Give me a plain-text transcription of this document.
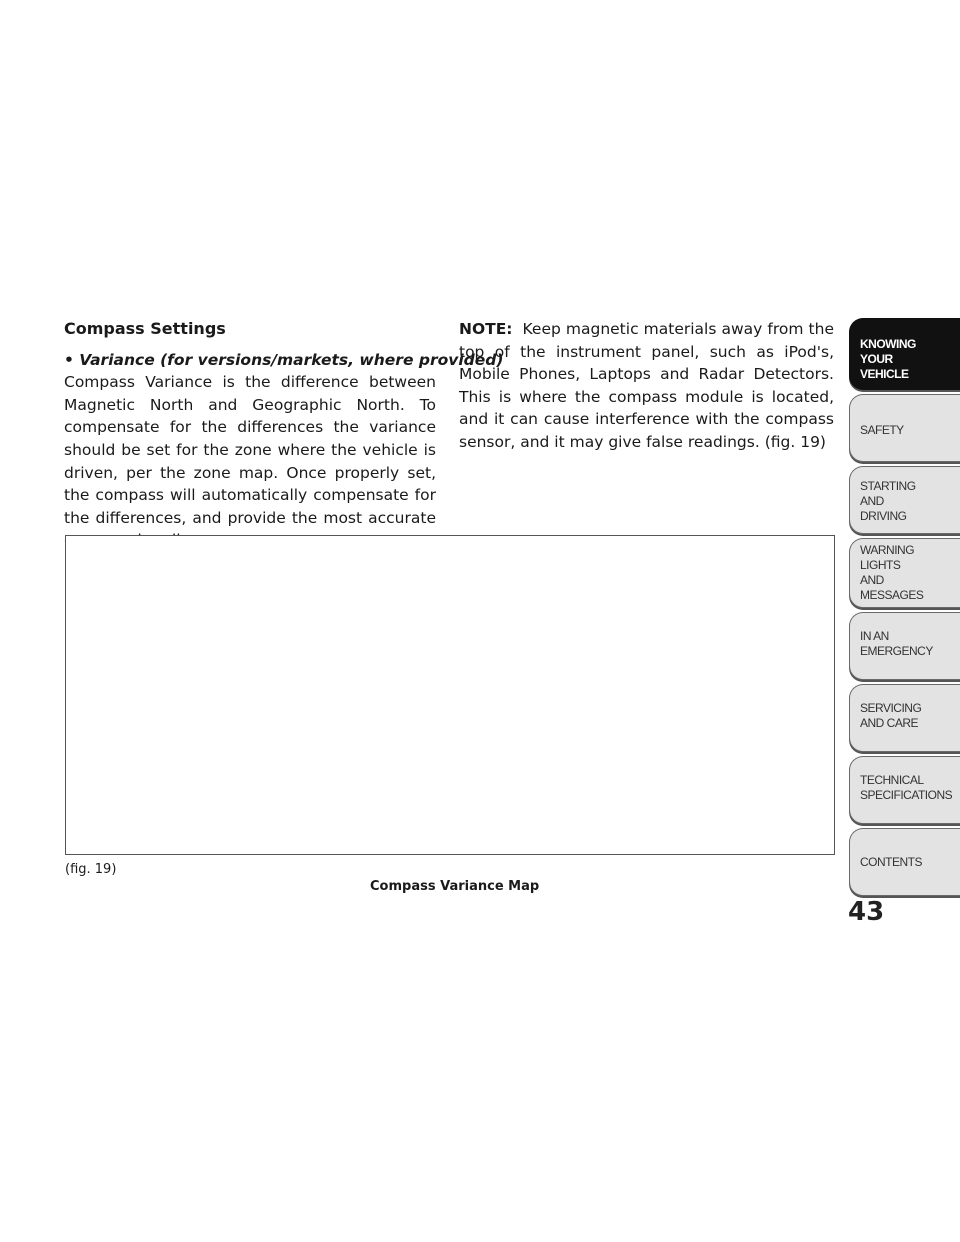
Compass Settings

• Variance (for versions/markets, where provided)

Compass Variance is the difference between Magnetic North and Geographic North. To compensate for the differences the variance should be set for the zone where the vehicle is driven, per the zone map. Once properly set, the compass will automatically compensate for the differences, and provide the most accurate

NOTE: Keep magnetic materials away from the top of the instrument panel, such as iPod's, Mobile Phones, Laptops and Radar Detectors. This is where the compass module is located, and it can cause interference with the compass sensor, and it may give false readings. (fig. 19)

(fig. 19)
Compass Variance Map
KNOWING
YOUR
VEHICLE
SAFETY
STARTING
AND
DRIVING
WARNING
LIGHTS
AND
MESSAGES
IN AN
EMERGENCY
SERVICING
AND CARE
TECHNICAL
SPECIFICATIONS
CONTENTS
43
